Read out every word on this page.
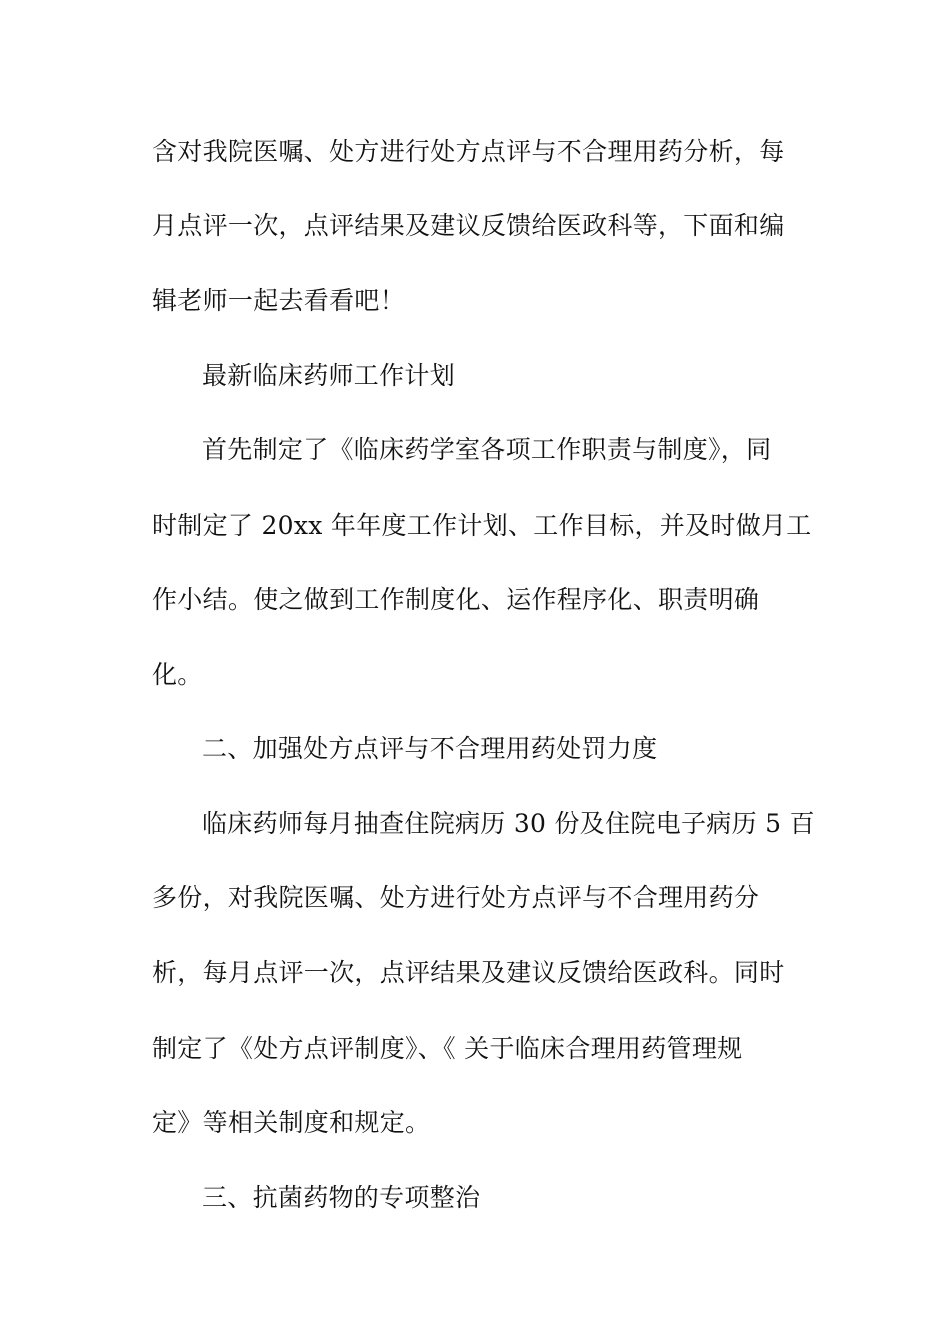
含对我院医嘱、处方进行处方点评与不合理用药分析，每
月点评一次，点评结果及建议反馈给医政科等，下面和编
辑老师一起去看看吧！
最新临床药师工作计划
首先制定了《临床药学室各项工作职责与制度》，同
时制定了 20xx 年年度工作计划、工作目标，并及时做月工
作小结。使之做到工作制度化、运作程序化、职责明确
化。
二、加强处方点评与不合理用药处罚力度
临床药师每月抽查住院病历 30 份及住院电子病历 5 百
多份，对我院医嘱、处方进行处方点评与不合理用药分
析，每月点评一次，点评结果及建议反馈给医政科。同时
制定了《处方点评制度》、《 关于临床合理用药管理规
定》等相关制度和规定。
三、抗菌药物的专项整治
